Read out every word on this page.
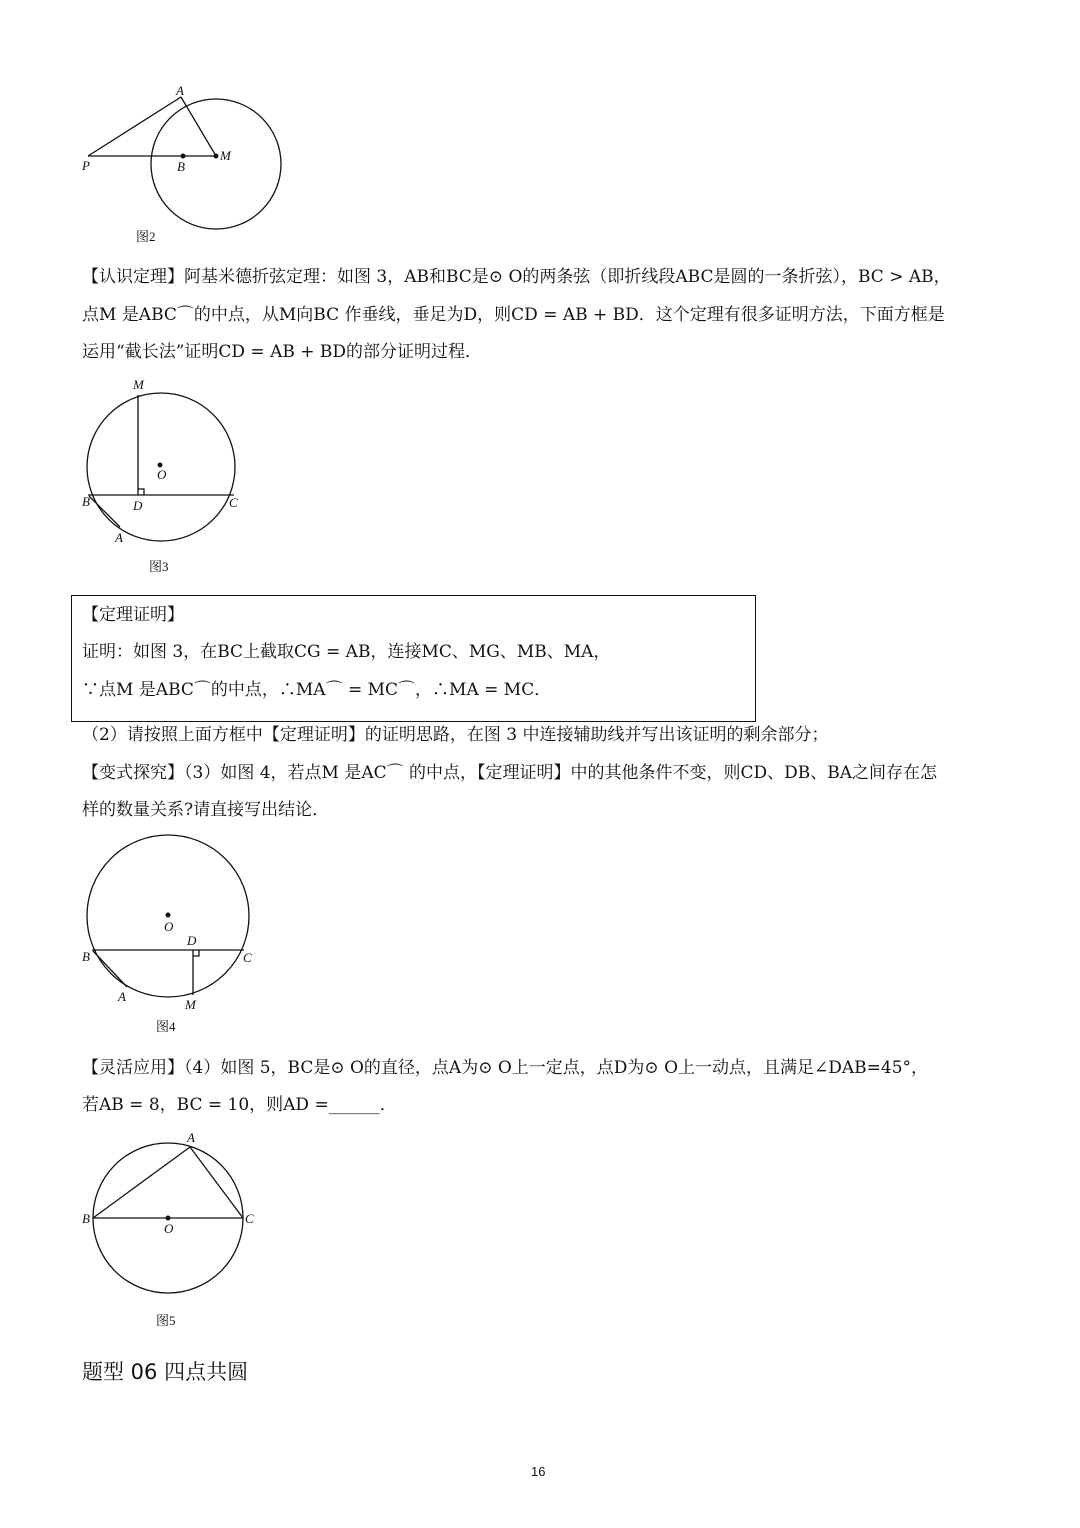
A
P	B
M
图2
M
O
B	D	C
A
图3
O
D
B	C
A
M
图4
A
B
O
C
图5
【认识定理】阿基米德折弦定理：如图 3，AB和BC是⊙ O的两条弦（即折线段ABC是圆的一条折弦），BC > AB，
点M 是ABC⌒的中点，从M向BC 作垂线，垂足为D，则CD = AB + BD．这个定理有很多证明方法，下面方框是
运用“截长法”证明CD = AB + BD的部分证明过程．
【定理证明】
证明：如图 3，在BC上截取CG = AB，连接MC、MG、MB、MA，
∵点M 是ABC⌒的中点，∴MA⌒ = MC⌒，∴MA = MC．
（2）请按照上面方框中【定理证明】的证明思路，在图 3 中连接辅助线并写出该证明的剩余部分；
【变式探究】（3）如图 4，若点M 是AC⌒ 的中点，【定理证明】中的其他条件不变，则CD、DB、BA之间存在怎
样的数量关系?请直接写出结论．
【灵活应用】（4）如图 5，BC是⊙ O的直径，点A为⊙ O上一定点，点D为⊙ O上一动点，且满足∠DAB=45°，
若AB = 8，BC = 10，则AD =______．
题型 06 四点共圆
16
